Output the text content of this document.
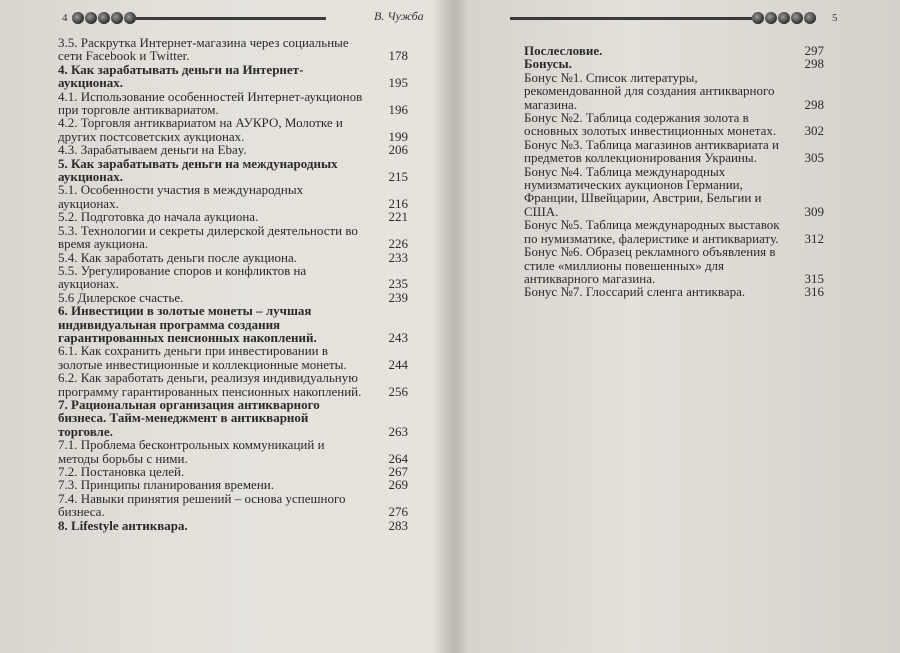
4	В. Чужба
3.5. Раскрутка Интернет-магазина через социальные сети Facebook и Twitter.	178
4. Как зарабатывать деньги на Интернет-аукционах.	195
4.1. Использование особенностей Интернет-аукционов при торговле антиквариатом.	196
4.2. Торговля антиквариатом на АУКРО, Молотке и других постсоветских аукционах.	199
4.3. Зарабатываем деньги на Ebay.	206
5. Как зарабатывать деньги на международных аукционах.	215
5.1. Особенности участия в международных аукционах.	216
5.2. Подготовка до начала аукциона.	221
5.3. Технологии и секреты дилерской деятельности во время аукциона.	226
5.4. Как заработать деньги после аукциона.	233
5.5. Урегулирование споров и конфликтов на аукционах.	235
5.6 Дилерское счастье.	239
6. Инвестиции в золотые монеты – лучшая индивидуальная программа создания гарантированных пенсионных накоплений.	243
6.1. Как сохранить деньги при инвестировании в золотые инвестиционные и коллекционные монеты.	244
6.2. Как заработать деньги, реализуя индивидуальную программу гарантированных пенсионных накоплений.	256
7. Рациональная организация антикварного бизнеса. Тайм-менеджмент в антикварной торговле.	263
7.1. Проблема бесконтрольных коммуникаций и методы борьбы с ними.	264
7.2. Постановка целей.	267
7.3. Принципы планирования времени.	269
7.4. Навыки принятия решений – основа успешного бизнеса.	276
8. Lifestyle антиквара.	283
5
Послесловие.	297
Бонусы.	298
Бонус №1. Список литературы, рекомендованной для создания антикварного магазина.	298
Бонус №2. Таблица содержания золота в основных золотых инвестиционных монетах.	302
Бонус №3. Таблица магазинов антиквариата и предметов коллекционирования Украины.	305
Бонус №4. Таблица международных нумизматических аукционов Германии, Франции, Швейцарии, Австрии, Бельгии и США.	309
Бонус №5. Таблица международных выставок по нумизматике, фалеристике и антиквариату.	312
Бонус №6. Образец рекламного объявления в стиле «миллионы повешенных» для антикварного магазина.	315
Бонус №7. Глоссарий сленга антиквара.	316
